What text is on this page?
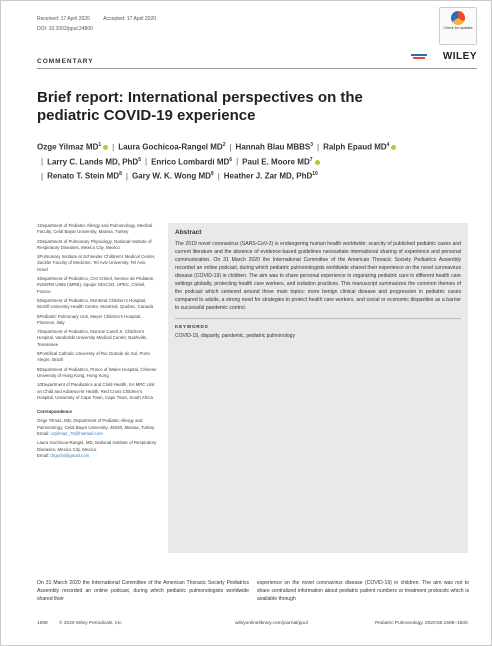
Received: 17 April 2020	Accepted: 17 April 2020
DOI: 10.1002/ppul.24800	Check for updates
COMMENTARY	WILEY
Brief report: International perspectives on the pediatric COVID-19 experience
Ozge Yilmaz $MD^1$ | Laura Gochicoa-Rangel $MD^2$ | Hannah Blau MBBS$^3$ | Ralph Epaud $MD^4|$ Larry C. Lands MD, PhD$^5$ | Enrico Lombardi $MD^6$ | Paul E. Moore $MD^7|$ Renato T. Stein $MD^8$ | Gary W. K. Wong $MD^9$ | Heather J. Zar MD, PhD$^{10}$

1Department of Pediatric Allergy and Pulmonology, Medical Faculty, Celal Bayar University, Manisa, Turkey

2Department of Pulmonary Physiology, National Institute of Respiratory Diseases, Mexico City, Mexico

3Pulmonary Institute at Schneider Children's Medical Center, Sackler Faculty of Medicine, Tel Aviv University, Tel Aviv, Israel

4Department of Pediatrics, CHI Créteil, Service de Pédiatrie, INSERM U955 (IMRB), équipe GEIC2O, UPEC, Créteil, France

5Department of Pediatrics, Montreal Children's Hospital, McGill University Health Centre, Montreal, Quebec, Canada

6Pediatric Pulmonary Unit, Meyer Children's Hospital, Florence, Italy

7Department of Pediatrics, Monroe Carell Jr. Children's Hospital, Vanderbilt University Medical Center, Nashville, Tennessee

8Pontifical Catholic University of Rio Grande do Sul, Porto Alegre, Brazil

9Department of Pediatrics, Prince of Wales Hospital, Chinese University of Hong Kong, Hong Kong

10Department of Paediatrics and Child Health, SA MRC Unit on Child and Adolescent Health, Red Cross Children's Hospital, University of Cape Town, Cape Town, South Africa

Correspondence

Ozge Yilmaz, MD, Department of Pediatric Allergy and Pulmonology, Celal Bayar University, 45030, Manisa, Turkey.
Email: ozyilmaz_76@hotmail.com

Laura Gochicoa-Rangel, MD, National Institute of Respiratory Diseases, Mexico City, Mexico.
Email: drgochi@gmail.com

Abstract

The 2019 novel coronavirus (SARS-CoV-2) is endangering human health worldwide; scarcity of published pediatric cases and current literature and the absence of evidence-based guidelines necessitate international sharing of experience and personal communication. On 31 March 2020 the International Committee of the American Thoracic Society Pediatrics Assembly recorded an online podcast, during which pediatric pulmonologists worldwide shared their experience on the novel coronavirus disease (COVID-19) in children. The aim was to share personal experience in organizing pediatric care in different health care settings globally, protecting health care workers, and isolation practices. This manuscript summarizes the common themes of the podcast which centered around three main topics: more benign clinical disease and progression in pediatric cases compared to adults, a strong need for strategies to protect health care workers, and social or economic disparities as a barrier to successful pandemic control.

KEYWORDS
COVID-19, disparity, pandemic, pediatric pulmonology
On 31 March 2020 the International Committee of the American Thoracic Society Pediatrics Assembly recorded an online podcast, during which pediatric pulmonologists worldwide shared their
experience on the novel coronavirus disease (COVID-19) in children. The aim was not to share centralized information about pediatric patient numbers or treatment protocols which is available through
1598 © 2020 Wiley Periodicals, Inc.	wileyonlinelibrary.com/journal/ppul	Pediatric Pulmonology. 2020;55:1598–1600.
